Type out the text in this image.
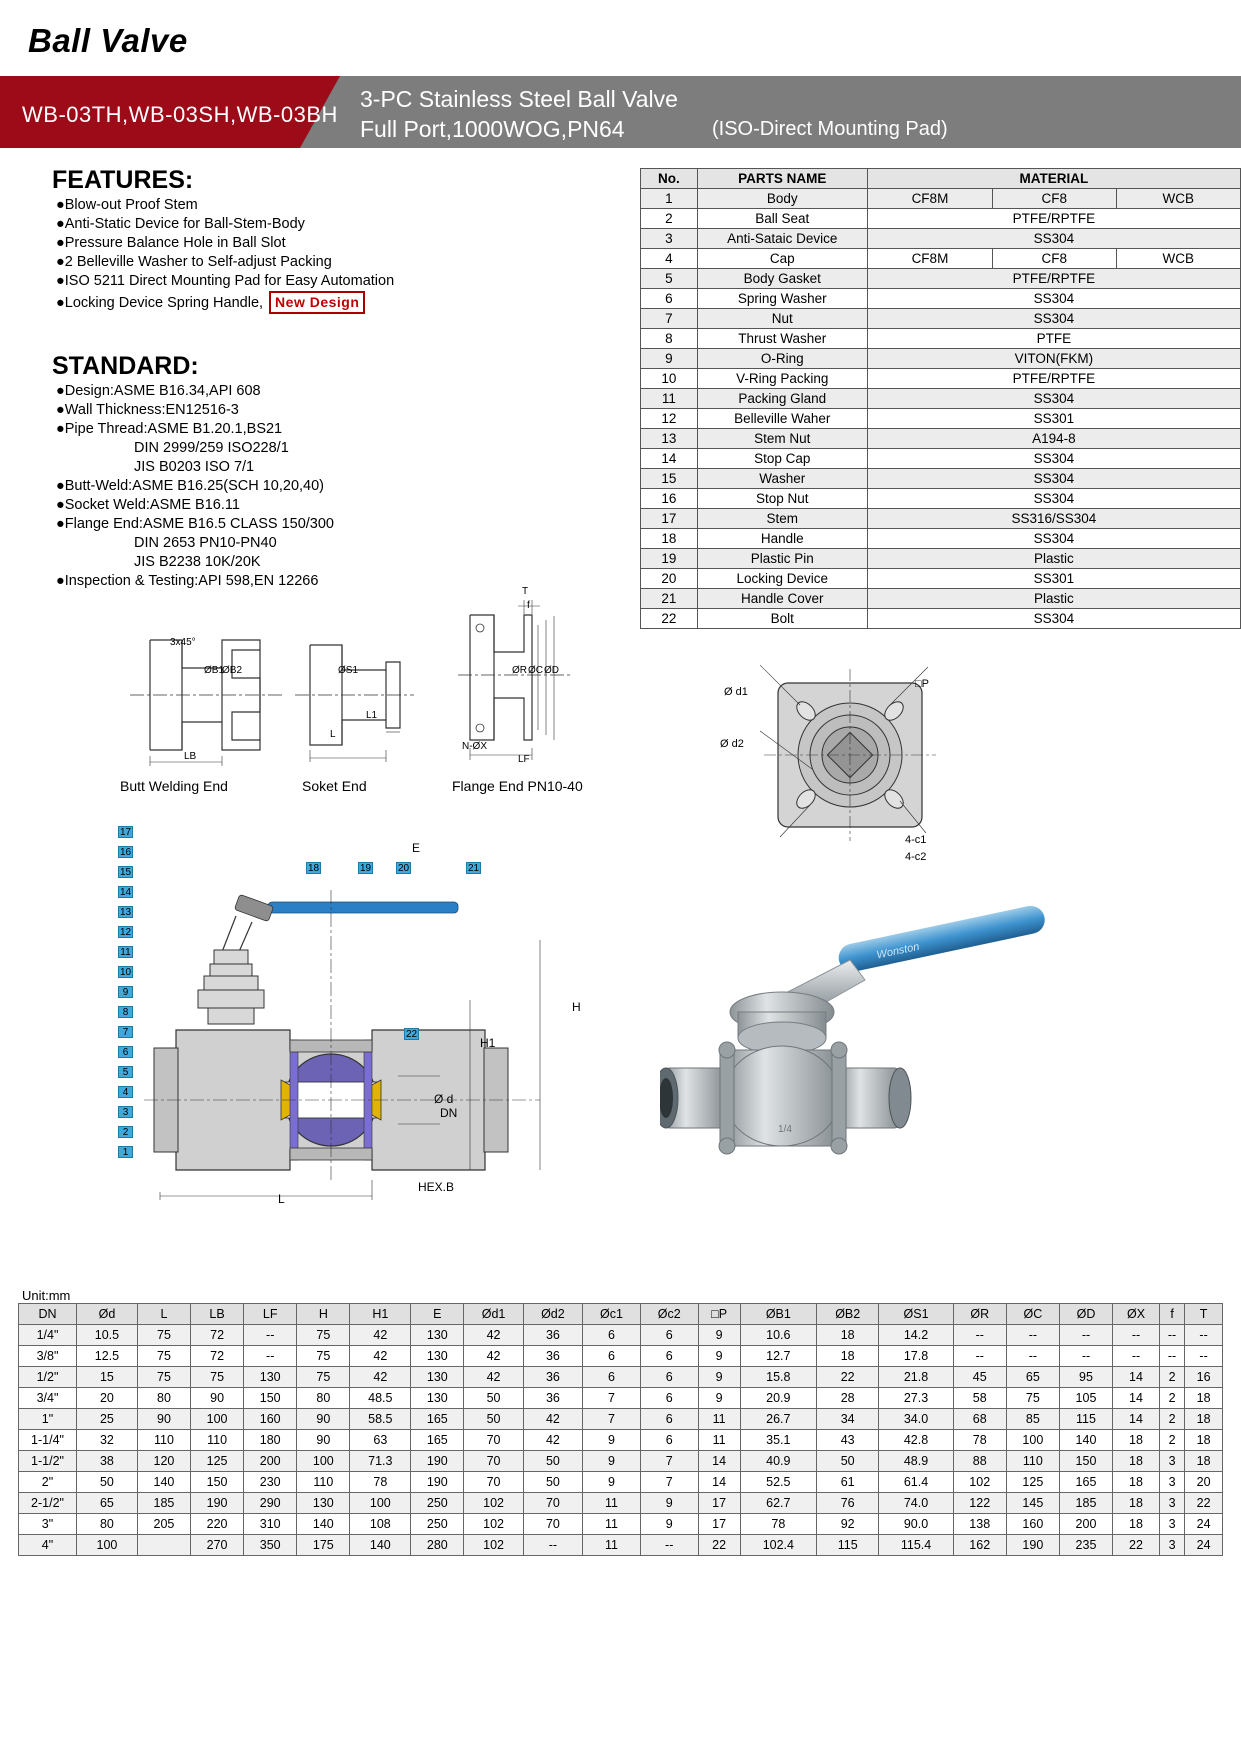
Ball Valve
WB-03TH,WB-03SH,WB-03BH
3-PC Stainless Steel Ball Valve
Full Port,1000WOG,PN64	(ISO-Direct Mounting Pad)
FEATURES:
●Blow-out Proof Stem
●Anti-Static Device for Ball-Stem-Body
●Pressure Balance Hole in Ball Slot
●2 Belleville Washer to Self-adjust Packing
●ISO 5211 Direct Mounting Pad for Easy Automation
●Locking Device Spring Handle, New Design
STANDARD:
●Design:ASME B16.34,API 608
●Wall Thickness:EN12516-3
●Pipe Thread:ASME B1.20.1,BS21
DIN 2999/259 ISO228/1
JIS B0203 ISO 7/1
●Butt-Weld:ASME B16.25(SCH 10,20,40)
●Socket Weld:ASME B16.11
●Flange End:ASME B16.5 CLASS 150/300
DIN 2653 PN10-PN40
JIS B2238 10K/20K
●Inspection & Testing:API 598,EN 12266
No.	PARTS NAME	MATERIAL		
1	Body	CF8M	CF8	WCB
2	Ball Seat	PTFE/RPTFE		
3	Anti-Sataic Device	SS304		
4	Cap	CF8M	CF8	WCB
5	Body Gasket	PTFE/RPTFE		
6	Spring Washer	SS304		
7	Nut	SS304		
8	Thrust Washer	PTFE		
9	O-Ring	VITON(FKM)		
10	V-Ring Packing	PTFE/RPTFE		
11	Packing Gland	SS304		
12	Belleville Waher	SS301		
13	Stem Nut	A194-8		
14	Stop Cap	SS304		
15	Washer	SS304		
16	Stop Nut	SS304		
17	Stem	SS316/SS304		
18	Handle	SS304		
19	Plastic Pin	Plastic		
20	Locking Device	SS301		
21	Handle Cover	Plastic		
22	Bolt	SS304		
LB
ØB1
ØB2
3x45°
L
L1
ØS1
T
f
ØR ØC ØD
N-ØX
LF
Butt Welding End	Soket End	Flange End PN10-40
Ø d1
Ø d2
□P
4-c1
4-c2
17
16
15
14
13
12
11
10
9
8
7
6
5
4
3
2
1
18	19	20	21
22
E
H
H1
Ø d
DN
L
HEX.B
Wonston
1/4
Unit:mm
DN	Ød	L	LB	LF	H	H1	E	Ød1	Ød2	Øc1	Øc2	□P	ØB1	ØB2	ØS1	ØR	ØC	ØD	ØX	f	T
1/4"	10.5	75	72	--	75	42	130	42	36	6	6	9	10.6	18	14.2	--	--	--	--	--	--
3/8"	12.5	75	72	--	75	42	130	42	36	6	6	9	12.7	18	17.8	--	--	--	--	--	--
1/2"	15	75	75	130	75	42	130	42	36	6	6	9	15.8	22	21.8	45	65	95	14	2	16
3/4"	20	80	90	150	80	48.5	130	50	36	7	6	9	20.9	28	27.3	58	75	105	14	2	18
1"	25	90	100	160	90	58.5	165	50	42	7	6	11	26.7	34	34.0	68	85	115	14	2	18
1-1/4"	32	110	110	180	90	63	165	70	42	9	6	11	35.1	43	42.8	78	100	140	18	2	18
1-1/2"	38	120	125	200	100	71.3	190	70	50	9	7	14	40.9	50	48.9	88	110	150	18	3	18
2"	50	140	150	230	110	78	190	70	50	9	7	14	52.5	61	61.4	102	125	165	18	3	20
2-1/2"	65	185	190	290	130	100	250	102	70	11	9	17	62.7	76	74.0	122	145	185	18	3	22
3"	80	205	220	310	140	108	250	102	70	11	9	17	78	92	90.0	138	160	200	18	3	24
4"	100		270	350	175	140	280	102	--	11	--	22	102.4	115	115.4	162	190	235	22	3	24
